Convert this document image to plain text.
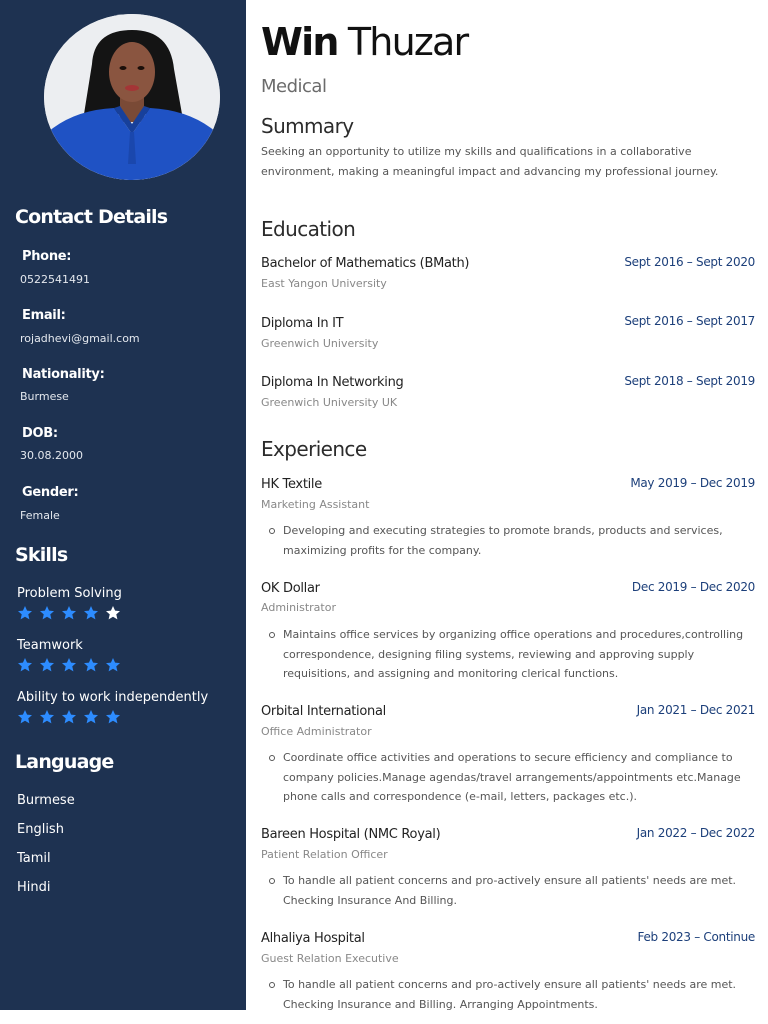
Contact Details
Phone:
0522541491
Email:
rojadhevi@gmail.com
Nationality:
Burmese
DOB:
30.08.2000
Gender:
Female
Skills
Problem Solving
Teamwork
Ability to work independently
Language
Burmese
English
Tamil
Hindi
Win Thuzar
Medical
Summary
Seeking an opportunity to utilize my skills and qualifications in a collaborative environment, making a meaningful impact and advancing my professional journey.
Education
Bachelor of Mathematics (BMath)	Sept 2016 – Sept 2020
East Yangon University
Diploma In IT	Sept 2016 – Sept 2017
Greenwich University
Diploma In Networking	Sept 2018 – Sept 2019
Greenwich University UK
Experience
HK Textile	May 2019 – Dec 2019
Marketing Assistant
Developing and executing strategies to promote brands, products and services, maximizing profits for the company.
OK Dollar	Dec 2019 – Dec 2020
Administrator
Maintains office services by organizing office operations and procedures,controlling correspondence, designing filing systems, reviewing and approving supply requisitions, and assigning and monitoring clerical functions.
Orbital International	Jan 2021 – Dec 2021
Office Administrator
Coordinate office activities and operations to secure efficiency and compliance to company policies.Manage agendas/travel arrangements/appointments etc.Manage phone calls and correspondence (e-mail, letters, packages etc.).
Bareen Hospital (NMC Royal)	Jan 2022 – Dec 2022
Patient Relation Officer
To handle all patient concerns and pro-actively ensure all patients' needs are met. Checking Insurance And Billing.
Alhaliya Hospital	Feb 2023 – Continue
Guest Relation Executive
To handle all patient concerns and pro-actively ensure all patients' needs are met. Checking Insurance and Billing. Arranging Appointments.
